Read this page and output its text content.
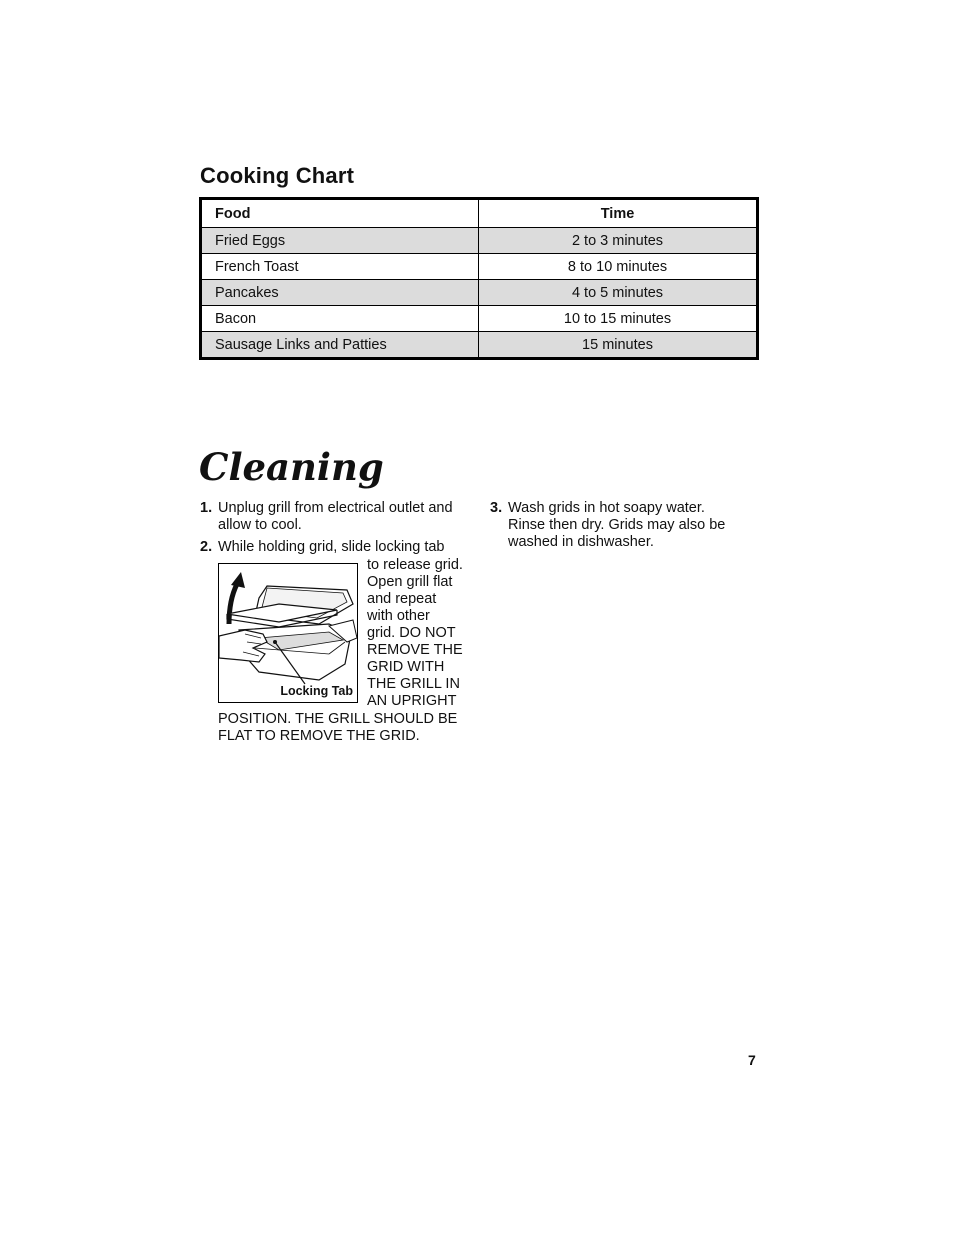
Cooking Chart
Food	Time
Fried Eggs	2 to 3 minutes
French Toast	8 to 10 minutes
Pancakes	4 to 5 minutes
Bacon	10 to 15 minutes
Sausage Links and Patties	15 minutes
Cleaning
1. Unplug grill from electrical outlet and
allow to cool.
2. While holding grid, slide locking tab
Locking Tab
to release grid.
Open grill flat
and repeat
with other
grid. DO NOT
REMOVE THE
GRID WITH
THE GRILL IN
AN UPRIGHT
POSITION. THE GRILL SHOULD BE
FLAT TO REMOVE THE GRID.
3. Wash grids in hot soapy water.
Rinse then dry. Grids may also be
washed in dishwasher.
7
